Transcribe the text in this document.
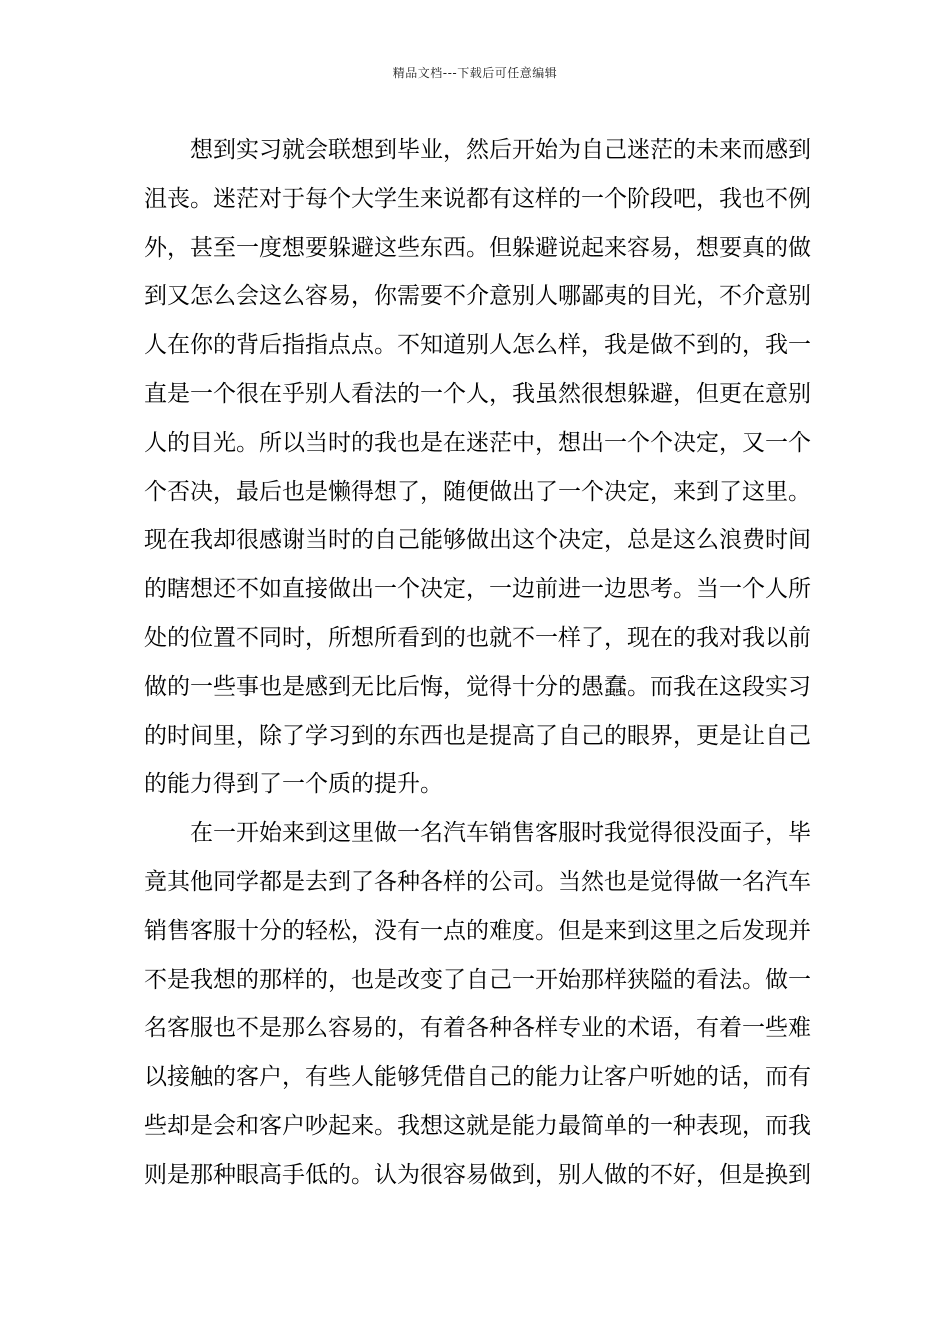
精品文档---下载后可任意编辑
想到实习就会联想到毕业，然后开始为自己迷茫的未来而感到
沮丧。迷茫对于每个大学生来说都有这样的一个阶段吧，我也不例
外，甚至一度想要躲避这些东西。但躲避说起来容易，想要真的做
到又怎么会这么容易，你需要不介意别人哪鄙夷的目光，不介意别
人在你的背后指指点点。不知道别人怎么样，我是做不到的，我一
直是一个很在乎别人看法的一个人，我虽然很想躲避，但更在意别
人的目光。所以当时的我也是在迷茫中，想出一个个决定，又一个
个否决，最后也是懒得想了，随便做出了一个决定，来到了这里。
现在我却很感谢当时的自己能够做出这个决定，总是这么浪费时间
的瞎想还不如直接做出一个决定，一边前进一边思考。当一个人所
处的位置不同时，所想所看到的也就不一样了，现在的我对我以前
做的一些事也是感到无比后悔，觉得十分的愚蠢。而我在这段实习
的时间里，除了学习到的东西也是提高了自己的眼界，更是让自己
的能力得到了一个质的提升。
在一开始来到这里做一名汽车销售客服时我觉得很没面子，毕
竟其他同学都是去到了各种各样的公司。当然也是觉得做一名汽车
销售客服十分的轻松，没有一点的难度。但是来到这里之后发现并
不是我想的那样的，也是改变了自己一开始那样狭隘的看法。做一
名客服也不是那么容易的，有着各种各样专业的术语，有着一些难
以接触的客户，有些人能够凭借自己的能力让客户听她的话，而有
些却是会和客户吵起来。我想这就是能力最简单的一种表现，而我
则是那种眼高手低的。认为很容易做到，别人做的不好，但是换到
